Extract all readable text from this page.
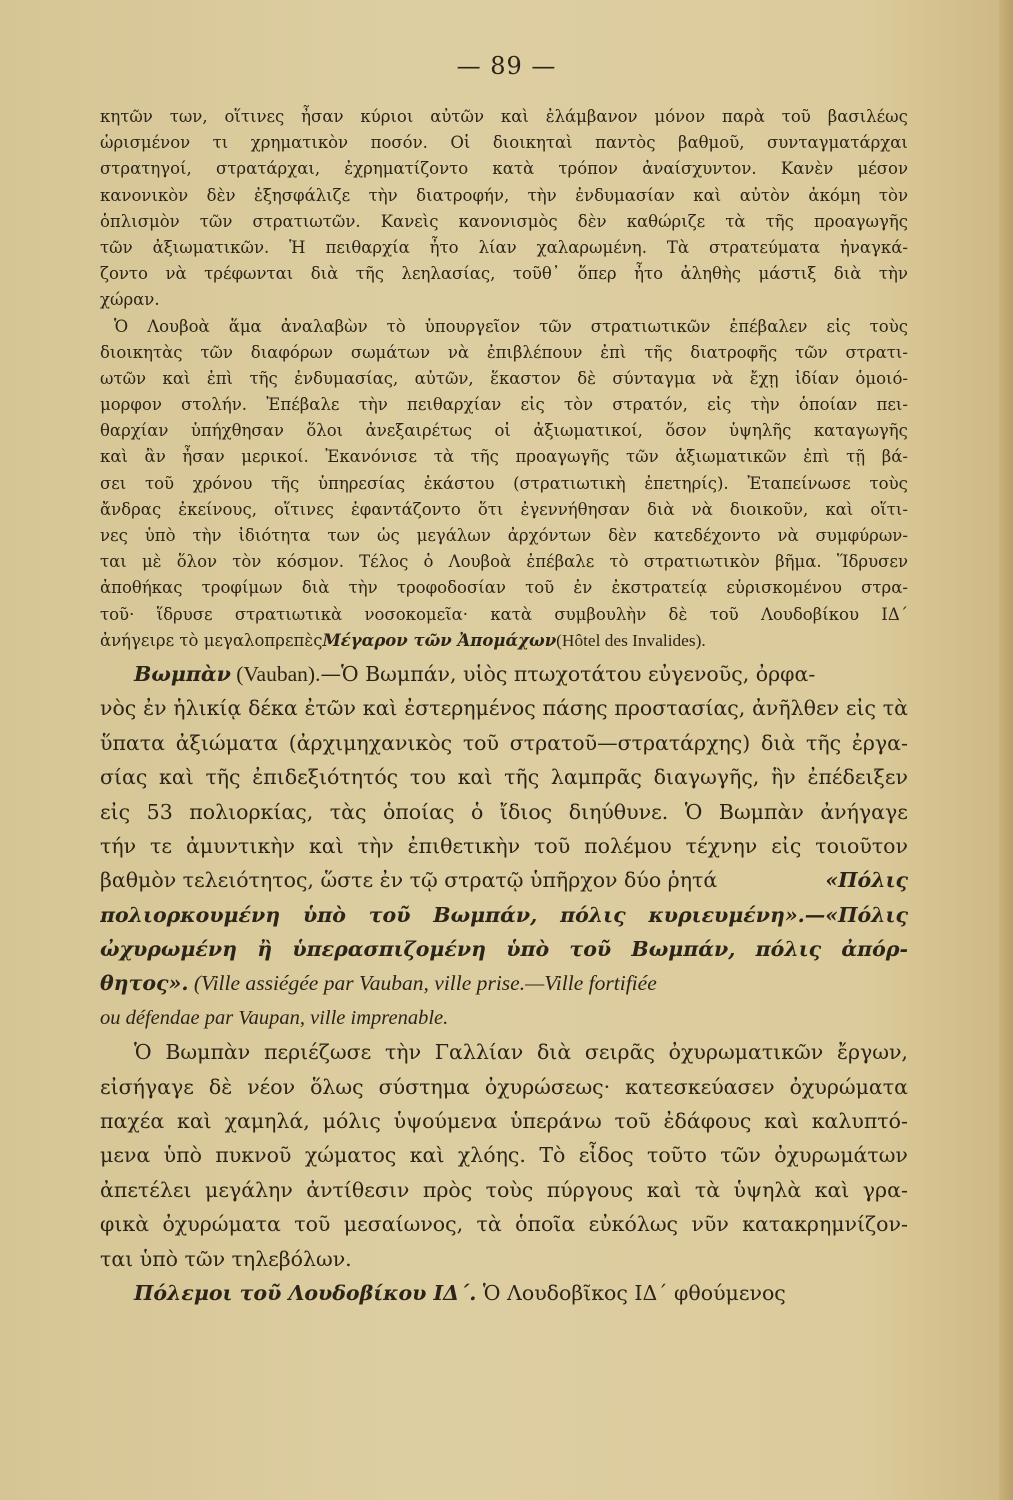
— 89 —
κητῶν των, οἵτινες ἦσαν κύριοι αὐτῶν καὶ ἐλάμβανον μόνον παρὰ τοῦ βασιλέως
ὡρισμένον τι χρηματικὸν ποσόν. Οἱ διοικηταὶ παντὸς βαθμοῦ, συνταγματάρχαι
στρατηγοί, στρατάρχαι, ἐχρηματίζοντο κατὰ τρόπον ἀναίσχυντον. Κανὲν μέσον
κανονικὸν δὲν ἐξησφάλιζε τὴν διατροφήν, τὴν ἐνδυμασίαν καὶ αὐτὸν ἀκόμη τὸν
ὁπλισμὸν τῶν στρατιωτῶν. Κανεὶς κανονισμὸς δὲν καθώριζε τὰ τῆς προαγωγῆς
τῶν ἀξιωματικῶν. Ἡ πειθαρχία ἦτο λίαν χαλαρωμένη. Τὰ στρατεύματα ἠναγκά-
ζοντο νὰ τρέφωνται διὰ τῆς λεηλασίας, τοῦθ᾽ ὅπερ ἦτο ἀληθὴς μάστιξ διὰ τὴν
χώραν.
Ὁ Λουβοὰ ἅμα ἀναλαβὼν τὸ ὑπουργεῖον τῶν στρατιωτικῶν ἐπέβαλεν εἰς τοὺς
διοικητὰς τῶν διαφόρων σωμάτων νὰ ἐπιβλέπουν ἐπὶ τῆς διατροφῆς τῶν στρατι-
ωτῶν καὶ ἐπὶ τῆς ἐνδυμασίας, αὐτῶν, ἕκαστον δὲ σύνταγμα νὰ ἔχῃ ἰδίαν ὁμοιό-
μορφον στολήν. Ἐπέβαλε τὴν πειθαρχίαν εἰς τὸν στρατόν, εἰς τὴν ὁποίαν πει-
θαρχίαν ὑπήχθησαν ὅλοι ἀνεξαιρέτως οἱ ἀξιωματικοί, ὅσον ὑψηλῆς καταγωγῆς
καὶ ἂν ἦσαν μερικοί. Ἐκανόνισε τὰ τῆς προαγωγῆς τῶν ἀξιωματικῶν ἐπὶ τῇ βά-
σει τοῦ χρόνου τῆς ὑπηρεσίας ἑκάστου (στρατιωτικὴ ἐπετηρίς). Ἐταπείνωσε τοὺς
ἄνδρας ἐκείνους, οἵτινες ἐφαντάζοντο ὅτι ἐγεννήθησαν διὰ νὰ διοικοῦν, καὶ οἵτι-
νες ὑπὸ τὴν ἰδιότητα των ὡς μεγάλων ἀρχόντων δὲν κατεδέχοντο νὰ συμφύρων-
ται μὲ ὅλον τὸν κόσμον. Τέλος ὁ Λουβοὰ ἐπέβαλε τὸ στρατιωτικὸν βῆμα. Ἵδρυσεν
ἀποθήκας τροφίμων διὰ τὴν τροφοδοσίαν τοῦ ἐν ἐκστρατείᾳ εὑρισκομένου στρα-
τοῦ· ἵδρυσε στρατιωτικὰ νοσοκομεῖα· κατὰ συμβουλὴν δὲ τοῦ Λουδοβίκου ΙΔ´
ἀνήγειρε τὸ μεγαλοπρεπὲς Μέγαρον τῶν Ἀπομάχων (Hôtel des Invalides).
Βωμπὰν (Vauban).—Ὁ Βωμπάν, υἱὸς πτωχοτάτου εὐγενοῦς, ὀρφα-
νὸς ἐν ἡλικίᾳ δέκα ἐτῶν καὶ ἐστερημένος πάσης προστασίας, ἀνῆλθεν εἰς τὰ
ὕπατα ἀξιώματα (ἀρχιμηχανικὸς τοῦ στρατοῦ—στρατάρχης) διὰ τῆς ἐργα-
σίας καὶ τῆς ἐπιδεξιότητός του καὶ τῆς λαμπρᾶς διαγωγῆς, ἣν ἐπέδειξεν
εἰς 53 πολιορκίας, τὰς ὁποίας ὁ ἴδιος διηύθυνε. Ὁ Βωμπὰν ἀνήγαγε
τήν τε ἀμυντικὴν καὶ τὴν ἐπιθετικὴν τοῦ πολέμου τέχνην εἰς τοιοῦτον
βαθμὸν τελειότητος, ὥστε ἐν τῷ στρατῷ ὑπῆρχον δύο ῥητά	«Πόλις
πολιορκουμένη ὑπὸ τοῦ Βωμπάν, πόλις κυριευμένη».—«Πόλις
ὠχυρωμένη ἢ ὑπερασπιζομένη ὑπὸ τοῦ Βωμπάν, πόλις ἀπόρ-
θητος». (Ville assiégée par Vauban, ville prise.—Ville fortifiée
ou défendae par Vaupan, ville imprenable.
Ὁ Βωμπὰν περιέζωσε τὴν Γαλλίαν διὰ σειρᾶς ὀχυρωματικῶν ἔργων,
εἰσήγαγε δὲ νέον ὅλως σύστημα ὀχυρώσεως· κατεσκεύασεν ὀχυρώματα
παχέα καὶ χαμηλά, μόλις ὑψούμενα ὑπεράνω τοῦ ἐδάφους καὶ καλυπτό-
μενα ὑπὸ πυκνοῦ χώματος καὶ χλόης. Τὸ εἶδος τοῦτο τῶν ὀχυρωμάτων
ἀπετέλει μεγάλην ἀντίθεσιν πρὸς τοὺς πύργους καὶ τὰ ὑψηλὰ καὶ γρα-
φικὰ ὀχυρώματα τοῦ μεσαίωνος, τὰ ὁποῖα εὐκόλως νῦν κατακρημνίζον-
ται ὑπὸ τῶν τηλεβόλων.
Πόλεμοι τοῦ Λουδοβίκου ΙΔ´. Ὁ Λουδοβῖκος ΙΔ´ φθούμενος
